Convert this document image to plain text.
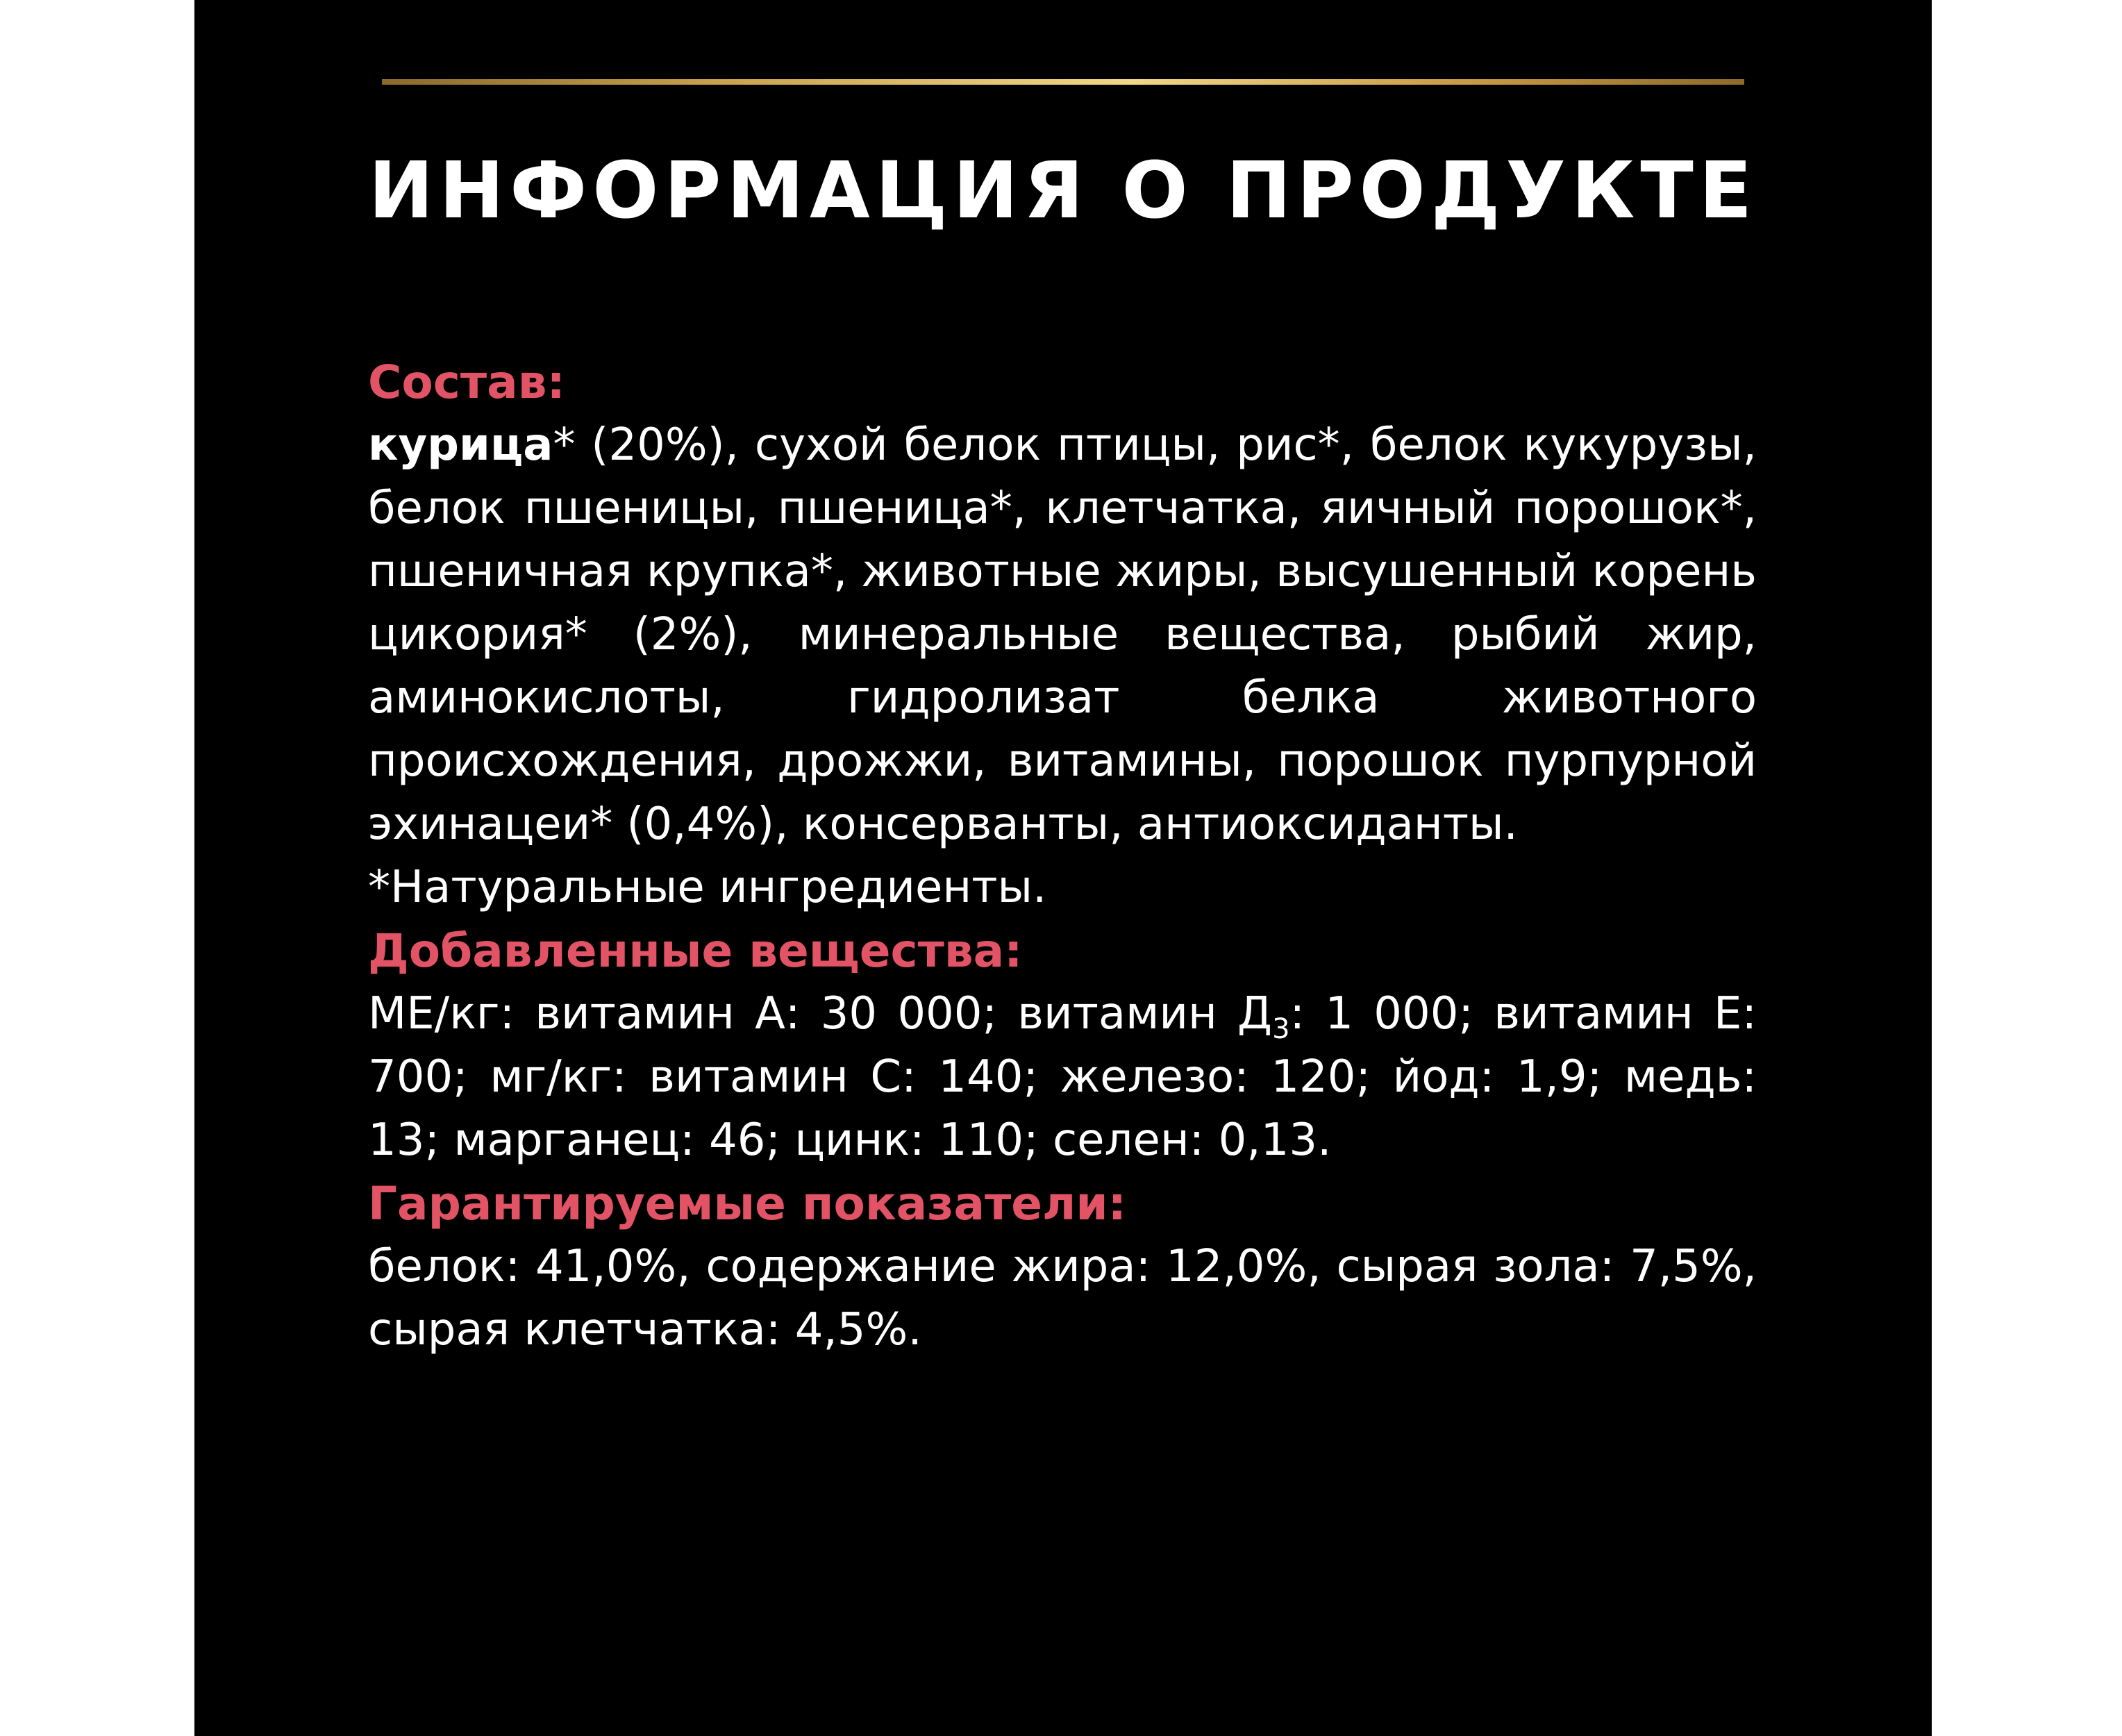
ИНФОРМАЦИЯ О ПРОДУКТЕ
Состав:
курица* (20%), сухой белок птицы, рис*, белок кукурузы, белок пшеницы, пшеница*, клетчатка, яичный порошок*, пшеничная крупка*, животные жиры, высушенный корень цикория* (2%), минеральные вещества, рыбий жир, аминокислоты, гидролизат белка животного происхождения, дрожжи, витамины, порошок пурпурной эхинацеи* (0,4%), консерванты, антиоксиданты.
*Натуральные ингредиенты.
Добавленные вещества:
МЕ/кг: витамин А: 30 000; витамин $Д_3$: 1 000; витамин Е: 700; мг/кг: витамин С: 140; железо: 120; йод: 1,9; медь: 13; марганец: 46; цинк: 110; селен: 0,13.
Гарантируемые показатели:
белок: 41,0%, содержание жира: 12,0%, сырая зола: 7,5%, сырая клетчатка: 4,5%.
